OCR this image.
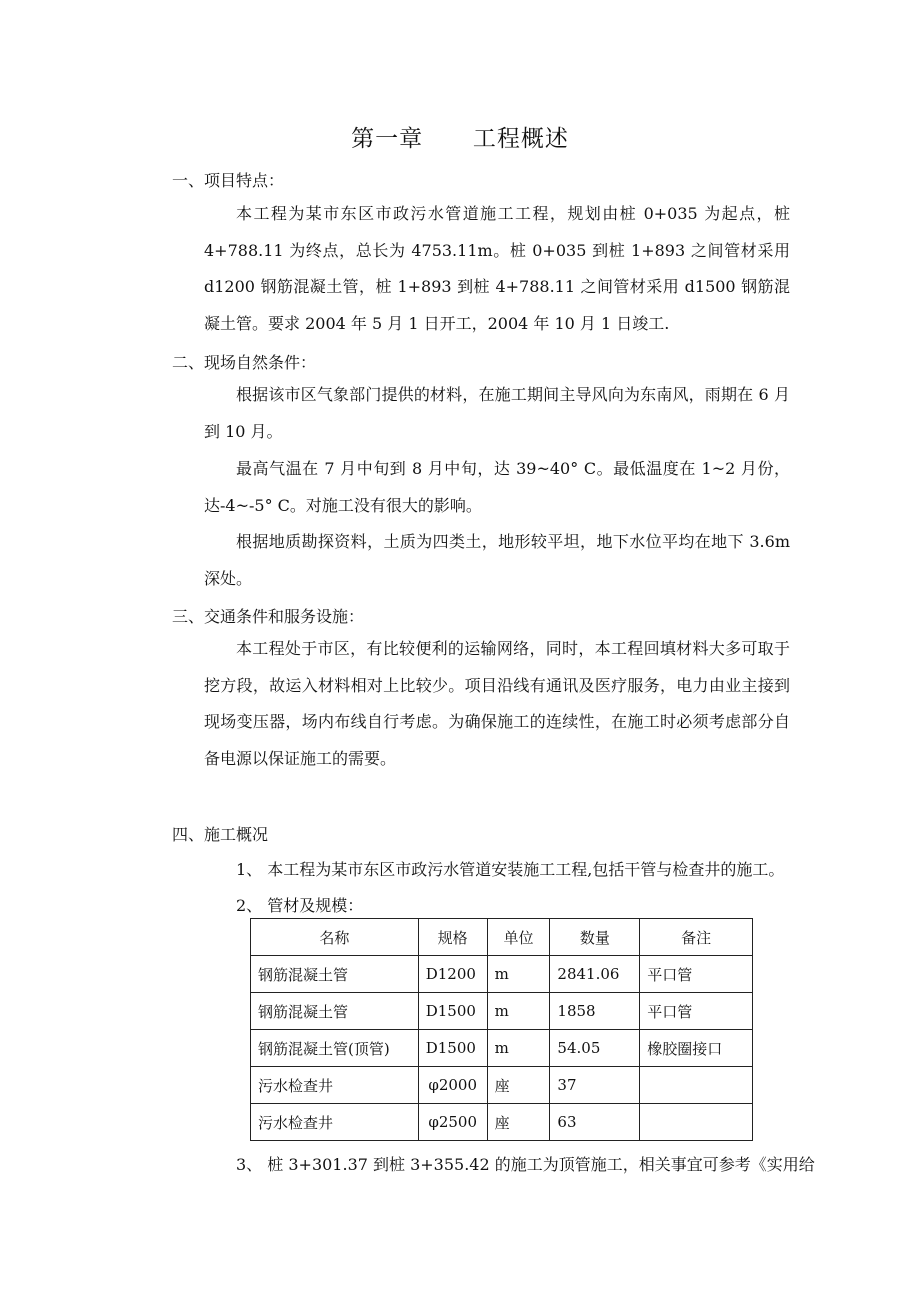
第一章      工程概述
一、项目特点：
本工程为某市东区市政污水管道施工工程，规划由桩 0+035 为起点，桩 4+788.11 为终点，总长为 4753.11m。桩 0+035 到桩 1+893 之间管材采用 d1200 钢筋混凝土管，桩 1+893 到桩 4+788.11 之间管材采用 d1500 钢筋混凝土管。要求 2004 年 5 月 1 日开工，2004 年 10 月 1 日竣工.
二、现场自然条件：
根据该市区气象部门提供的材料，在施工期间主导风向为东南风，雨期在 6 月到 10 月。
最高气温在 7 月中旬到 8 月中旬，达 39~40° C。最低温度在 1~2 月份，达-4~-5° C。对施工没有很大的影响。
根据地质勘探资料，土质为四类土，地形较平坦，地下水位平均在地下 3.6m 深处。
三、交通条件和服务设施：
本工程处于市区，有比较便利的运输网络，同时，本工程回填材料大多可取于挖方段，故运入材料相对上比较少。项目沿线有通讯及医疗服务，电力由业主接到现场变压器，场内布线自行考虑。为确保施工的连续性，在施工时必须考虑部分自备电源以保证施工的需要。
四、施工概况
1、 本工程为某市东区市政污水管道安装施工工程,包括干管与检查井的施工。
2、 管材及规模：
名称	规格	单位	数量	备注
钢筋混凝土管	D1200	m	2841.06	平口管
钢筋混凝土管	D1500	m	1858	平口管
钢筋混凝土管(顶管)	D1500	m	54.05	橡胶圈接口
污水检查井	φ2000	座	37	
污水检查井	φ2500	座	63	
3、 桩 3+301.37 到桩 3+355.42 的施工为顶管施工，相关事宜可参考《实用给
